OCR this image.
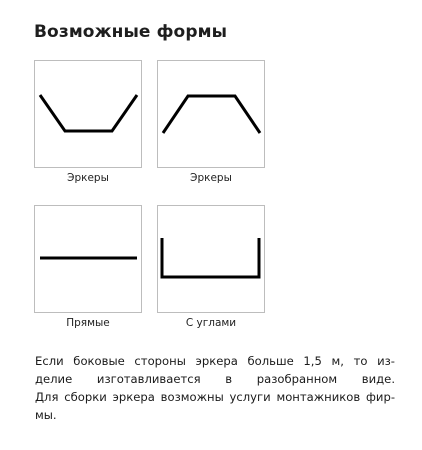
Возможные формы
Эркеры	Эркеры
Прямые	С углами
Если боковые стороны эркера больше 1,5 м, то из-
делие изготавливается в разобранном виде.
Для сборки эркера возможны услуги монтажников фир-
мы.
